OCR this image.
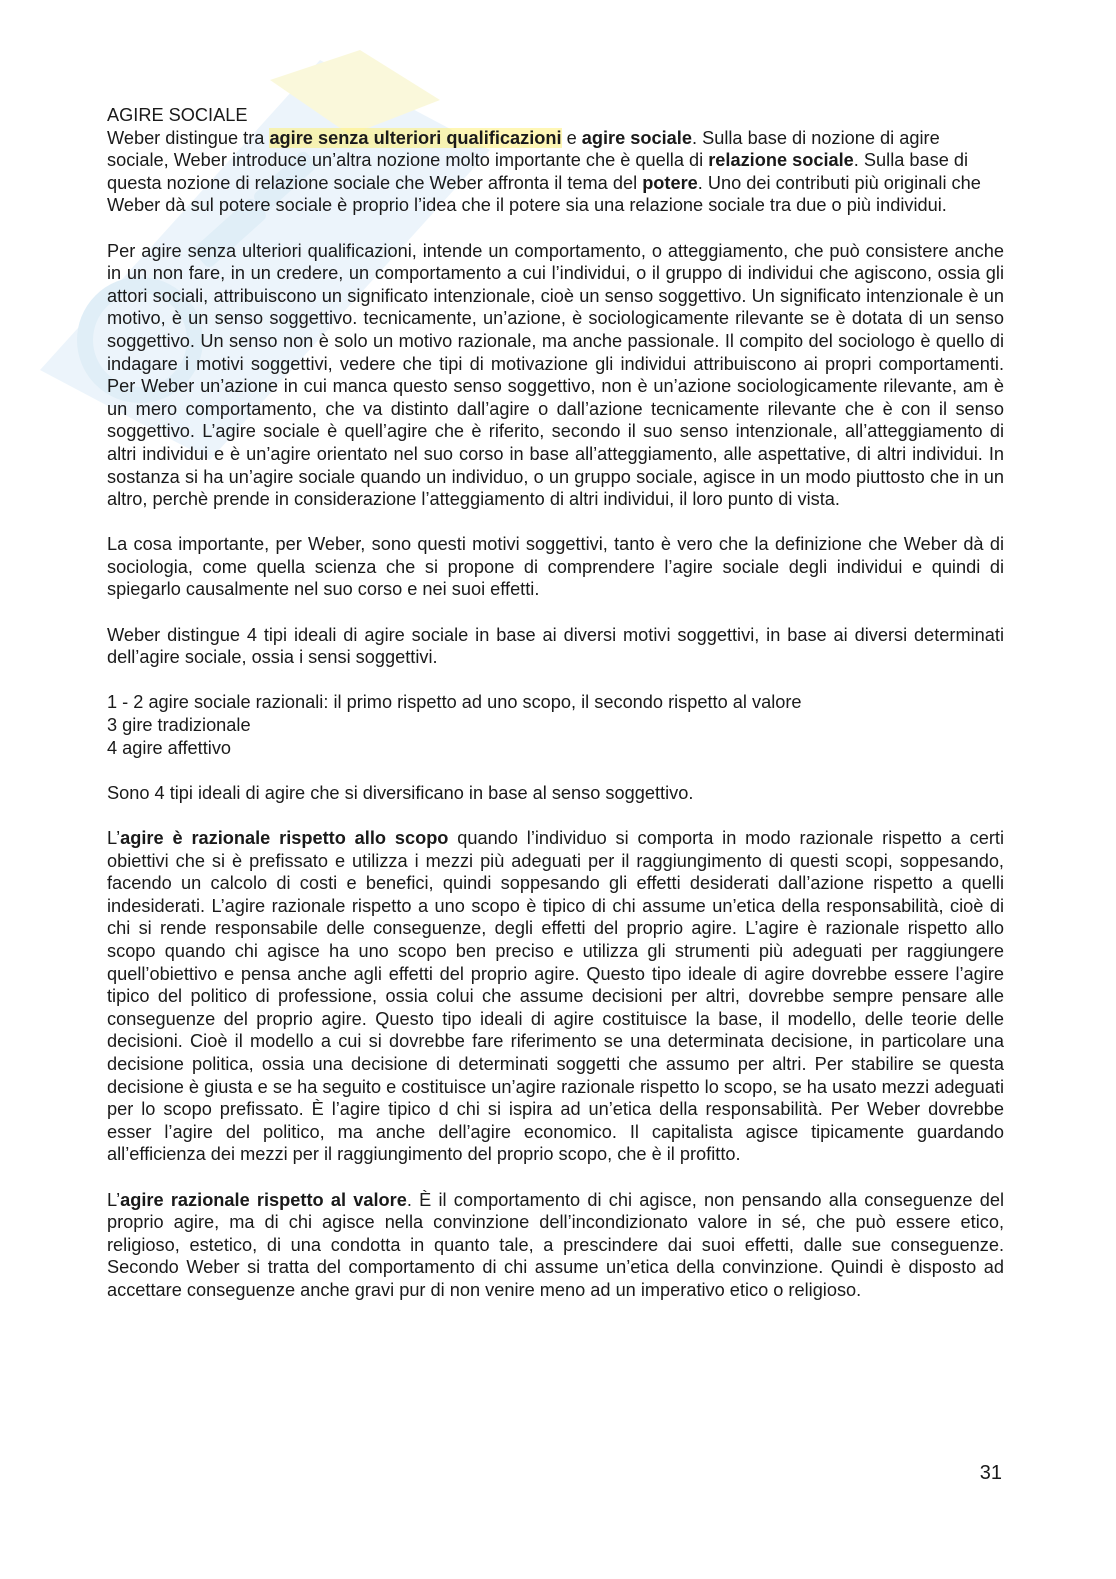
AGIRE SOCIALE
Weber distingue tra agire senza ulteriori qualificazioni e agire sociale. Sulla base di nozione di agire sociale, Weber introduce un’altra nozione molto importante che è quella di relazione sociale. Sulla base di questa nozione di relazione sociale che Weber affronta il tema del potere. Uno dei contributi più originali che Weber dà sul potere sociale è proprio l’idea che il potere sia una relazione sociale tra due o più individui.

Per agire senza ulteriori qualificazioni, intende un comportamento, o atteggiamento, che può consistere anche in un non fare, in un credere, un comportamento a cui l’individui, o il gruppo di individui che agiscono, ossia gli attori sociali, attribuiscono un significato intenzionale, cioè un senso soggettivo. Un significato intenzionale è un motivo, è un senso soggettivo. tecnicamente, un’azione, è sociologicamente rilevante se è dotata di un senso soggettivo. Un senso non è solo un motivo razionale, ma anche passionale. Il compito del sociologo è quello di indagare i motivi soggettivi, vedere che tipi di motivazione gli individui attribuiscono ai propri comportamenti. Per Weber un’azione in cui manca questo senso soggettivo, non è un’azione sociologicamente rilevante, am è un mero comportamento, che va distinto dall’agire o dall’azione tecnicamente rilevante che è con il senso soggettivo. L’agire sociale è quell’agire che è riferito, secondo il suo senso intenzionale, all’atteggiamento di altri individui e è un’agire orientato nel suo corso in base all’atteggiamento, alle aspettative, di altri individui. In sostanza si ha un’agire sociale quando un individuo, o un gruppo sociale, agisce in un modo piuttosto che in un altro, perchè prende in considerazione l’atteggiamento di altri individui, il loro punto di vista.

La cosa importante, per Weber, sono questi motivi soggettivi, tanto è vero che la definizione che Weber dà di sociologia, come quella scienza che si propone di comprendere l’agire sociale degli individui e quindi di spiegarlo causalmente nel suo corso e nei suoi effetti.

Weber distingue 4 tipi ideali di agire sociale in base ai diversi motivi soggettivi, in base ai diversi determinati dell’agire sociale, ossia i sensi soggettivi.

1 - 2 agire sociale razionali: il primo rispetto ad uno scopo, il secondo rispetto al valore
3 gire tradizionale
4 agire affettivo

Sono 4 tipi ideali di agire che si diversificano in base al senso soggettivo.

L’agire è razionale rispetto allo scopo quando l’individuo si comporta in modo razionale rispetto a certi obiettivi che si è prefissato e utilizza i mezzi più adeguati per il raggiungimento di questi scopi, soppesando, facendo un calcolo di costi e benefici, quindi soppesando gli effetti desiderati dall’azione rispetto a quelli indesiderati. L’agire razionale rispetto a uno scopo è tipico di chi assume un’etica della responsabilità, cioè di chi si rende responsabile delle conseguenze, degli effetti del proprio agire. L’agire è razionale rispetto allo scopo quando chi agisce ha uno scopo ben preciso e utilizza gli strumenti più adeguati per raggiungere quell’obiettivo e pensa anche agli effetti del proprio agire. Questo tipo ideale di agire dovrebbe essere l’agire tipico del politico di professione, ossia colui che assume decisioni per altri, dovrebbe sempre pensare alle conseguenze del proprio agire. Questo tipo ideali di agire costituisce la base, il modello, delle teorie delle decisioni. Cioè il modello a cui si dovrebbe fare riferimento se una determinata decisione, in particolare una decisione politica, ossia una decisione di determinati soggetti che assumo per altri. Per stabilire se questa decisione è giusta e se ha seguito e costituisce un’agire razionale rispetto lo scopo, se ha usato mezzi adeguati per lo scopo prefissato. È l’agire tipico d chi si ispira ad un’etica della responsabilità. Per Weber dovrebbe esser l’agire del politico, ma anche dell’agire economico. Il capitalista agisce tipicamente guardando all’efficienza dei mezzi per il raggiungimento del proprio scopo, che è il profitto.

L’agire razionale rispetto al valore. È il comportamento di chi agisce, non pensando alla conseguenze del proprio agire, ma di chi agisce nella convinzione dell’incondizionato valore in sé, che può essere etico, religioso, estetico, di una condotta in quanto tale, a prescindere dai suoi effetti, dalle sue conseguenze. Secondo Weber si tratta del comportamento di chi assume un’etica della convinzione. Quindi è disposto ad accettare conseguenze anche gravi pur di non venire meno ad un imperativo etico o religioso.

31
